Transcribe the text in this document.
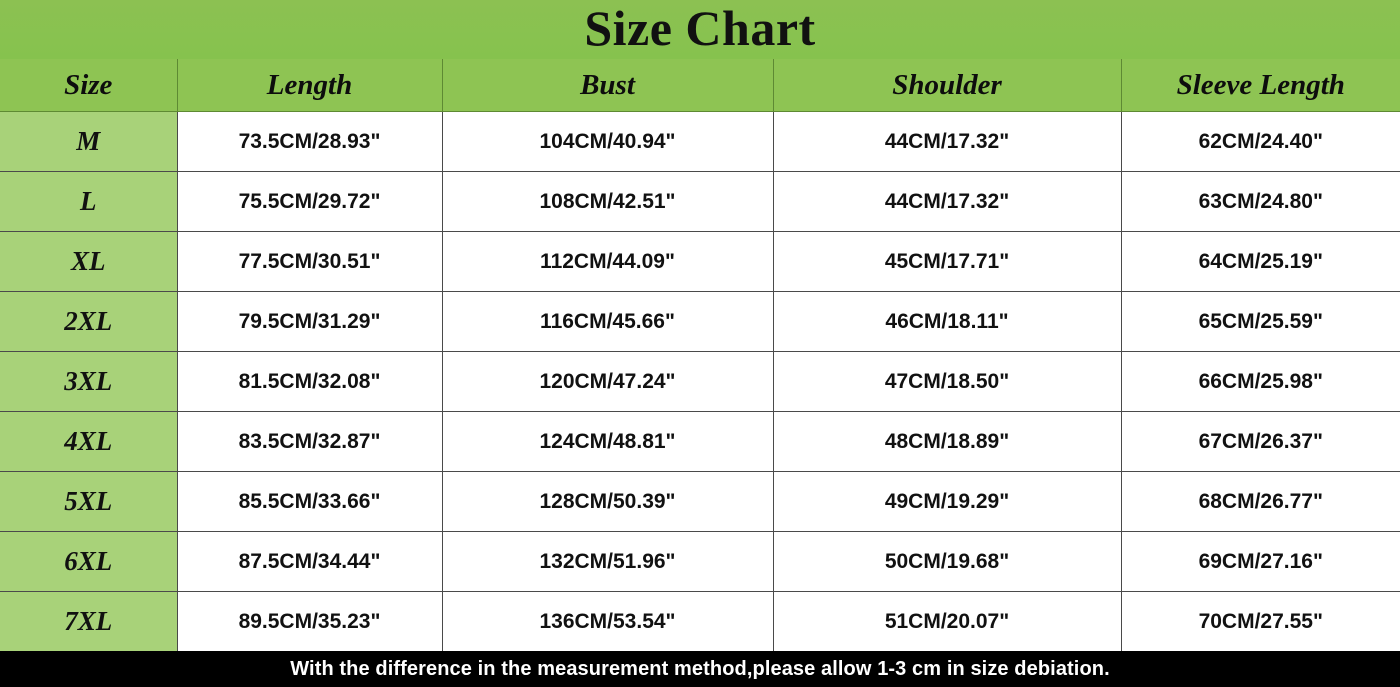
Size Chart
Size	Length	Bust	Shoulder	Sleeve Length
M	73.5CM/28.93"	104CM/40.94"	44CM/17.32"	62CM/24.40"
L	75.5CM/29.72"	108CM/42.51"	44CM/17.32"	63CM/24.80"
XL	77.5CM/30.51"	112CM/44.09"	45CM/17.71"	64CM/25.19"
2XL	79.5CM/31.29"	116CM/45.66"	46CM/18.11"	65CM/25.59"
3XL	81.5CM/32.08"	120CM/47.24"	47CM/18.50"	66CM/25.98"
4XL	83.5CM/32.87"	124CM/48.81"	48CM/18.89"	67CM/26.37"
5XL	85.5CM/33.66"	128CM/50.39"	49CM/19.29"	68CM/26.77"
6XL	87.5CM/34.44"	132CM/51.96"	50CM/19.68"	69CM/27.16"
7XL	89.5CM/35.23"	136CM/53.54"	51CM/20.07"	70CM/27.55"
With the difference in the measurement method,please allow 1-3 cm in size debiation.
